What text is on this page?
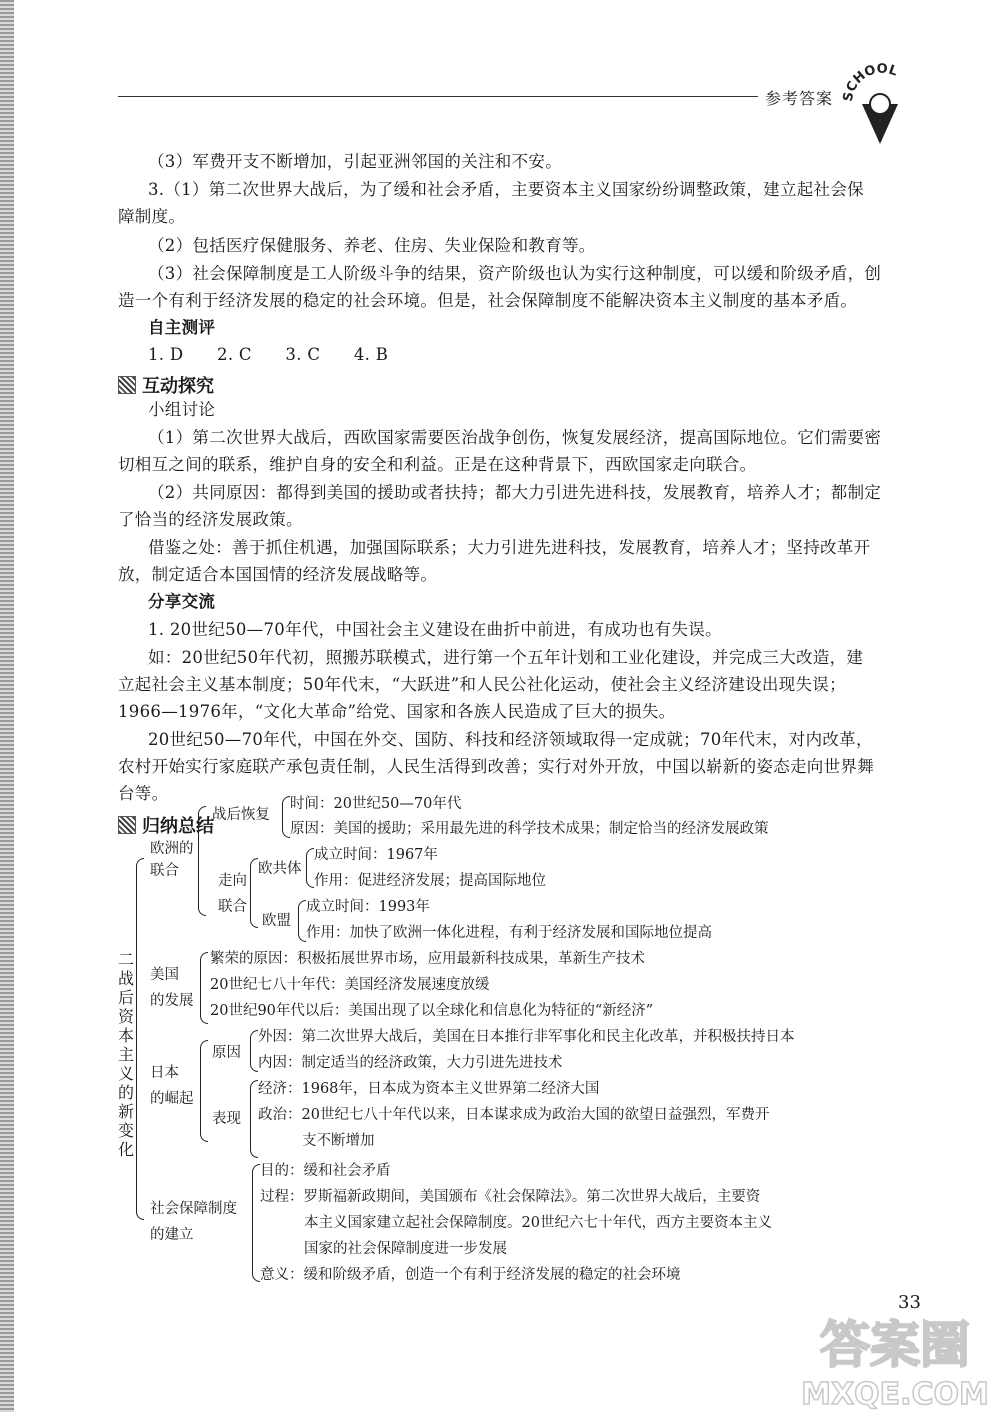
参考答案 SCHOOL
（3）军费开支不断增加，引起亚洲邻国的关注和不安。
3.（1）第二次世界大战后，为了缓和社会矛盾，主要资本主义国家纷纷调整政策，建立起社会保
障制度。
（2）包括医疗保健服务、养老、住房、失业保险和教育等。
（3）社会保障制度是工人阶级斗争的结果，资产阶级也认为实行这种制度，可以缓和阶级矛盾，创
造一个有利于经济发展的稳定的社会环境。但是，社会保障制度不能解决资本主义制度的基本矛盾。
自主测评
1. D　　2. C　　3. C　　4. B
互动探究
小组讨论
（1）第二次世界大战后，西欧国家需要医治战争创伤，恢复发展经济，提高国际地位。它们需要密
切相互之间的联系，维护自身的安全和利益。正是在这种背景下，西欧国家走向联合。
（2）共同原因：都得到美国的援助或者扶持；都大力引进先进科技，发展教育，培养人才；都制定
了恰当的经济发展政策。
借鉴之处：善于抓住机遇，加强国际联系；大力引进先进科技，发展教育，培养人才；坚持改革开
放，制定适合本国国情的经济发展战略等。
分享交流
1. 20世纪50—70年代，中国社会主义建设在曲折中前进，有成功也有失误。
如：20世纪50年代初，照搬苏联模式，进行第一个五年计划和工业化建设，并完成三大改造，建
立起社会主义基本制度；50年代末，“大跃进”和人民公社化运动，使社会主义经济建设出现失误；
1966—1976年，“文化大革命”给党、国家和各族人民造成了巨大的损失。
20世纪50—70年代，中国在外交、国防、科技和经济领域取得一定成就；70年代末，对内改革，
农村开始实行家庭联产承包责任制，人民生活得到改善；实行对外开放，中国以崭新的姿态走向世界舞
台等。
归纳总结
二战后资本主义的新变化
欧洲的
联合
战后恢复
时间：20世纪50—70年代
原因：美国的援助；采用最先进的科学技术成果；制定恰当的经济发展政策
走向
联合
欧共体
成立时间：1967年
作用：促进经济发展；提高国际地位
欧盟
成立时间：1993年
作用：加快了欧洲一体化进程，有利于经济发展和国际地位提高
美国
的发展
繁荣的原因：积极拓展世界市场，应用最新科技成果，革新生产技术
20世纪七八十年代：美国经济发展速度放缓
20世纪90年代以后：美国出现了以全球化和信息化为特征的“新经济”
日本
的崛起
原因
外因：第二次世界大战后，美国在日本推行非军事化和民主化改革，并积极扶持日本
内因：制定适当的经济政策，大力引进先进技术
表现
经济：1968年，日本成为资本主义世界第二经济大国
政治：20世纪七八十年代以来，日本谋求成为政治大国的欲望日益强烈，军费开
支不断增加
社会保障制度
的建立
目的：缓和社会矛盾
过程：罗斯福新政期间，美国颁布《社会保障法》。第二次世界大战后，主要资
本主义国家建立起社会保障制度。20世纪六七十年代，西方主要资本主义
国家的社会保障制度进一步发展
意义：缓和阶级矛盾，创造一个有利于经济发展的稳定的社会环境
33
答案圈
MXQE.COM
